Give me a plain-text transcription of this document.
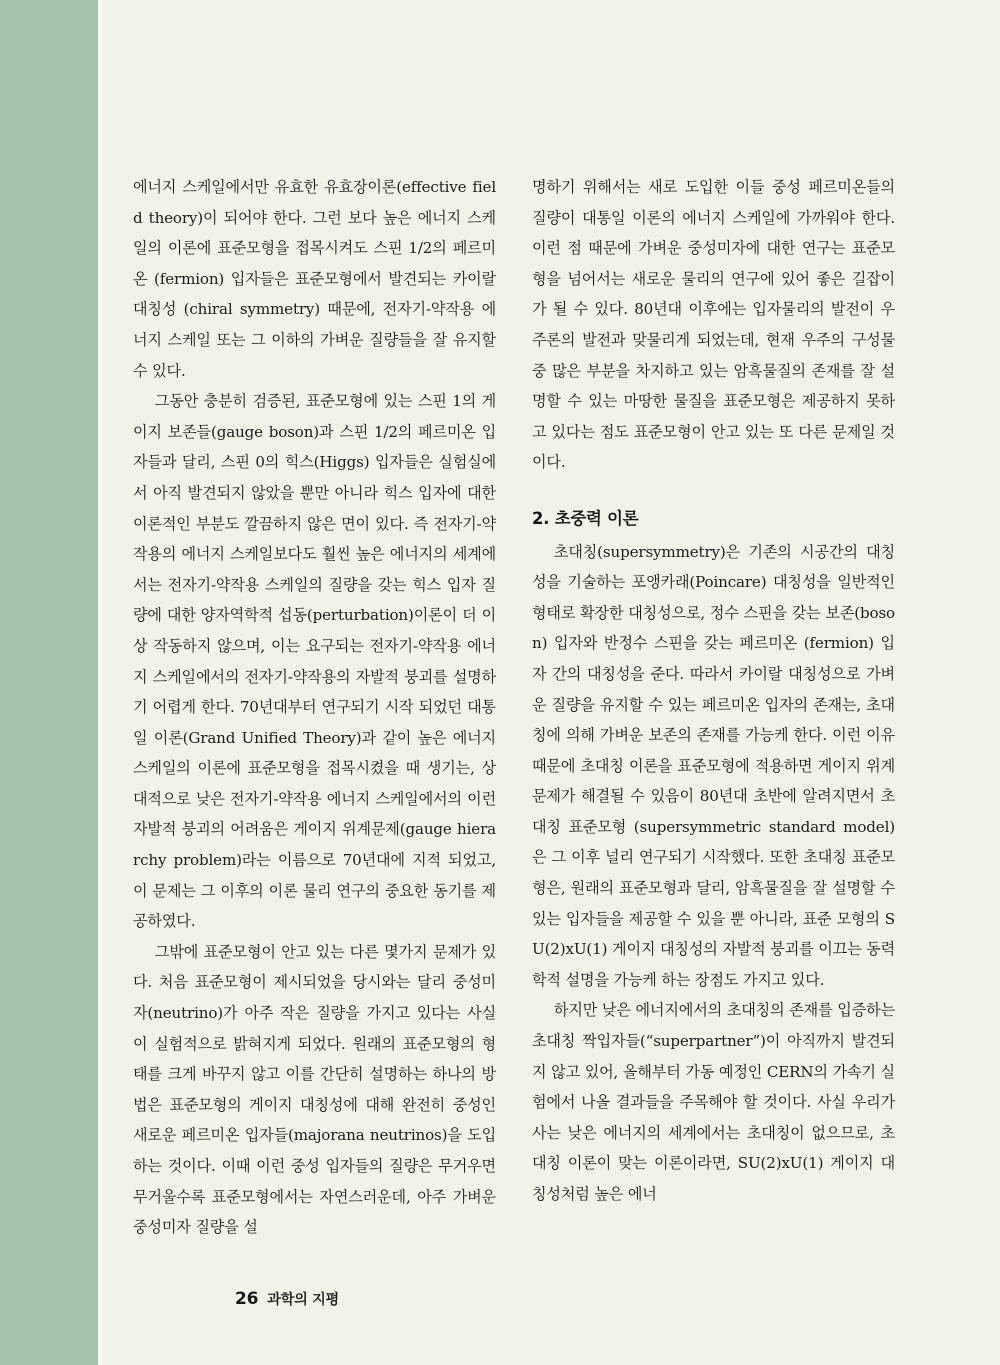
에너지 스케일에서만 유효한 유효장이론(effective field theory)이 되어야 한다. 그런 보다 높은 에너지 스케일의 이론에 표준모형을 접목시켜도 스핀 1/2의 페르미온 (fermion) 입자들은 표준모형에서 발견되는 카이랄 대칭성 (chiral symmetry) 때문에, 전자기-약작용 에너지 스케일 또는 그 이하의 가벼운 질량들을 잘 유지할 수 있다.

그동안 충분히 검증된, 표준모형에 있는 스핀 1의 게이지 보존들(gauge boson)과 스핀 1/2의 페르미온 입자들과 달리, 스핀 0의 힉스(Higgs) 입자들은 실험실에서 아직 발견되지 않았을 뿐만 아니라 힉스 입자에 대한 이론적인 부분도 깔끔하지 않은 면이 있다. 즉 전자기-약작용의 에너지 스케일보다도 훨씬 높은 에너지의 세계에서는 전자기-약작용 스케일의 질량을 갖는 힉스 입자 질량에 대한 양자역학적 섭동(perturbation)이론이 더 이상 작동하지 않으며, 이는 요구되는 전자기-약작용 에너지 스케일에서의 전자기-약작용의 자발적 붕괴를 설명하기 어렵게 한다. 70년대부터 연구되기 시작 되었던 대통일 이론(Grand Unified Theory)과 같이 높은 에너지 스케일의 이론에 표준모형을 접목시켰을 때 생기는, 상대적으로 낮은 전자기-약작용 에너지 스케일에서의 이런 자발적 붕괴의 어려움은 게이지 위계문제(gauge hierarchy problem)라는 이름으로 70년대에 지적 되었고, 이 문제는 그 이후의 이론 물리 연구의 중요한 동기를 제공하였다.

그밖에 표준모형이 안고 있는 다른 몇가지 문제가 있다. 처음 표준모형이 제시되었을 당시와는 달리 중성미자(neutrino)가 아주 작은 질량을 가지고 있다는 사실이 실험적으로 밝혀지게 되었다. 원래의 표준모형의 형태를 크게 바꾸지 않고 이를 간단히 설명하는 하나의 방법은 표준모형의 게이지 대칭성에 대해 완전히 중성인 새로운 페르미온 입자들(majorana neutrinos)을 도입하는 것이다. 이때 이런 중성 입자들의 질량은 무거우면 무거울수록 표준모형에서는 자연스러운데, 아주 가벼운 중성미자 질량을 설

명하기 위해서는 새로 도입한 이들 중성 페르미온들의 질량이 대통일 이론의 에너지 스케일에 가까워야 한다. 이런 점 때문에 가벼운 중성미자에 대한 연구는 표준모형을 넘어서는 새로운 물리의 연구에 있어 좋은 길잡이가 될 수 있다. 80년대 이후에는 입자물리의 발전이 우주론의 발전과 맞물리게 되었는데, 현재 우주의 구성물 중 많은 부분을 차지하고 있는 암흑물질의 존재를 잘 설명할 수 있는 마땅한 물질을 표준모형은 제공하지 못하고 있다는 점도 표준모형이 안고 있는 또 다른 문제일 것이다.

2. 초중력 이론

초대칭(supersymmetry)은 기존의 시공간의 대칭성을 기술하는 포앵카래(Poincare) 대칭성을 일반적인 형태로 확장한 대칭성으로, 정수 스핀을 갖는 보존(boson) 입자와 반정수 스핀을 갖는 페르미온 (fermion) 입자 간의 대칭성을 준다. 따라서 카이랄 대칭성으로 가벼운 질량을 유지할 수 있는 페르미온 입자의 존재는, 초대칭에 의해 가벼운 보존의 존재를 가능케 한다. 이런 이유 때문에 초대칭 이론을 표준모형에 적용하면 게이지 위계문제가 해결될 수 있음이 80년대 초반에 알려지면서 초대칭 표준모형 (supersymmetric standard model)은 그 이후 널리 연구되기 시작했다. 또한 초대칭 표준모형은, 원래의 표준모형과 달리, 암흑물질을 잘 설명할 수 있는 입자들을 제공할 수 있을 뿐 아니라, 표준 모형의 SU(2)xU(1) 게이지 대칭성의 자발적 붕괴를 이끄는 동력학적 설명을 가능케 하는 장점도 가지고 있다.

하지만 낮은 에너지에서의 초대칭의 존재를 입증하는 초대칭 짝입자들(“superpartner”)이 아직까지 발견되지 않고 있어, 올해부터 가동 예정인 CERN의 가속기 실험에서 나올 결과들을 주목해야 할 것이다. 사실 우리가 사는 낮은 에너지의 세계에서는 초대칭이 없으므로, 초대칭 이론이 맞는 이론이라면, SU(2)xU(1) 게이지 대칭성처럼 높은 에너

26 과학의 지평
